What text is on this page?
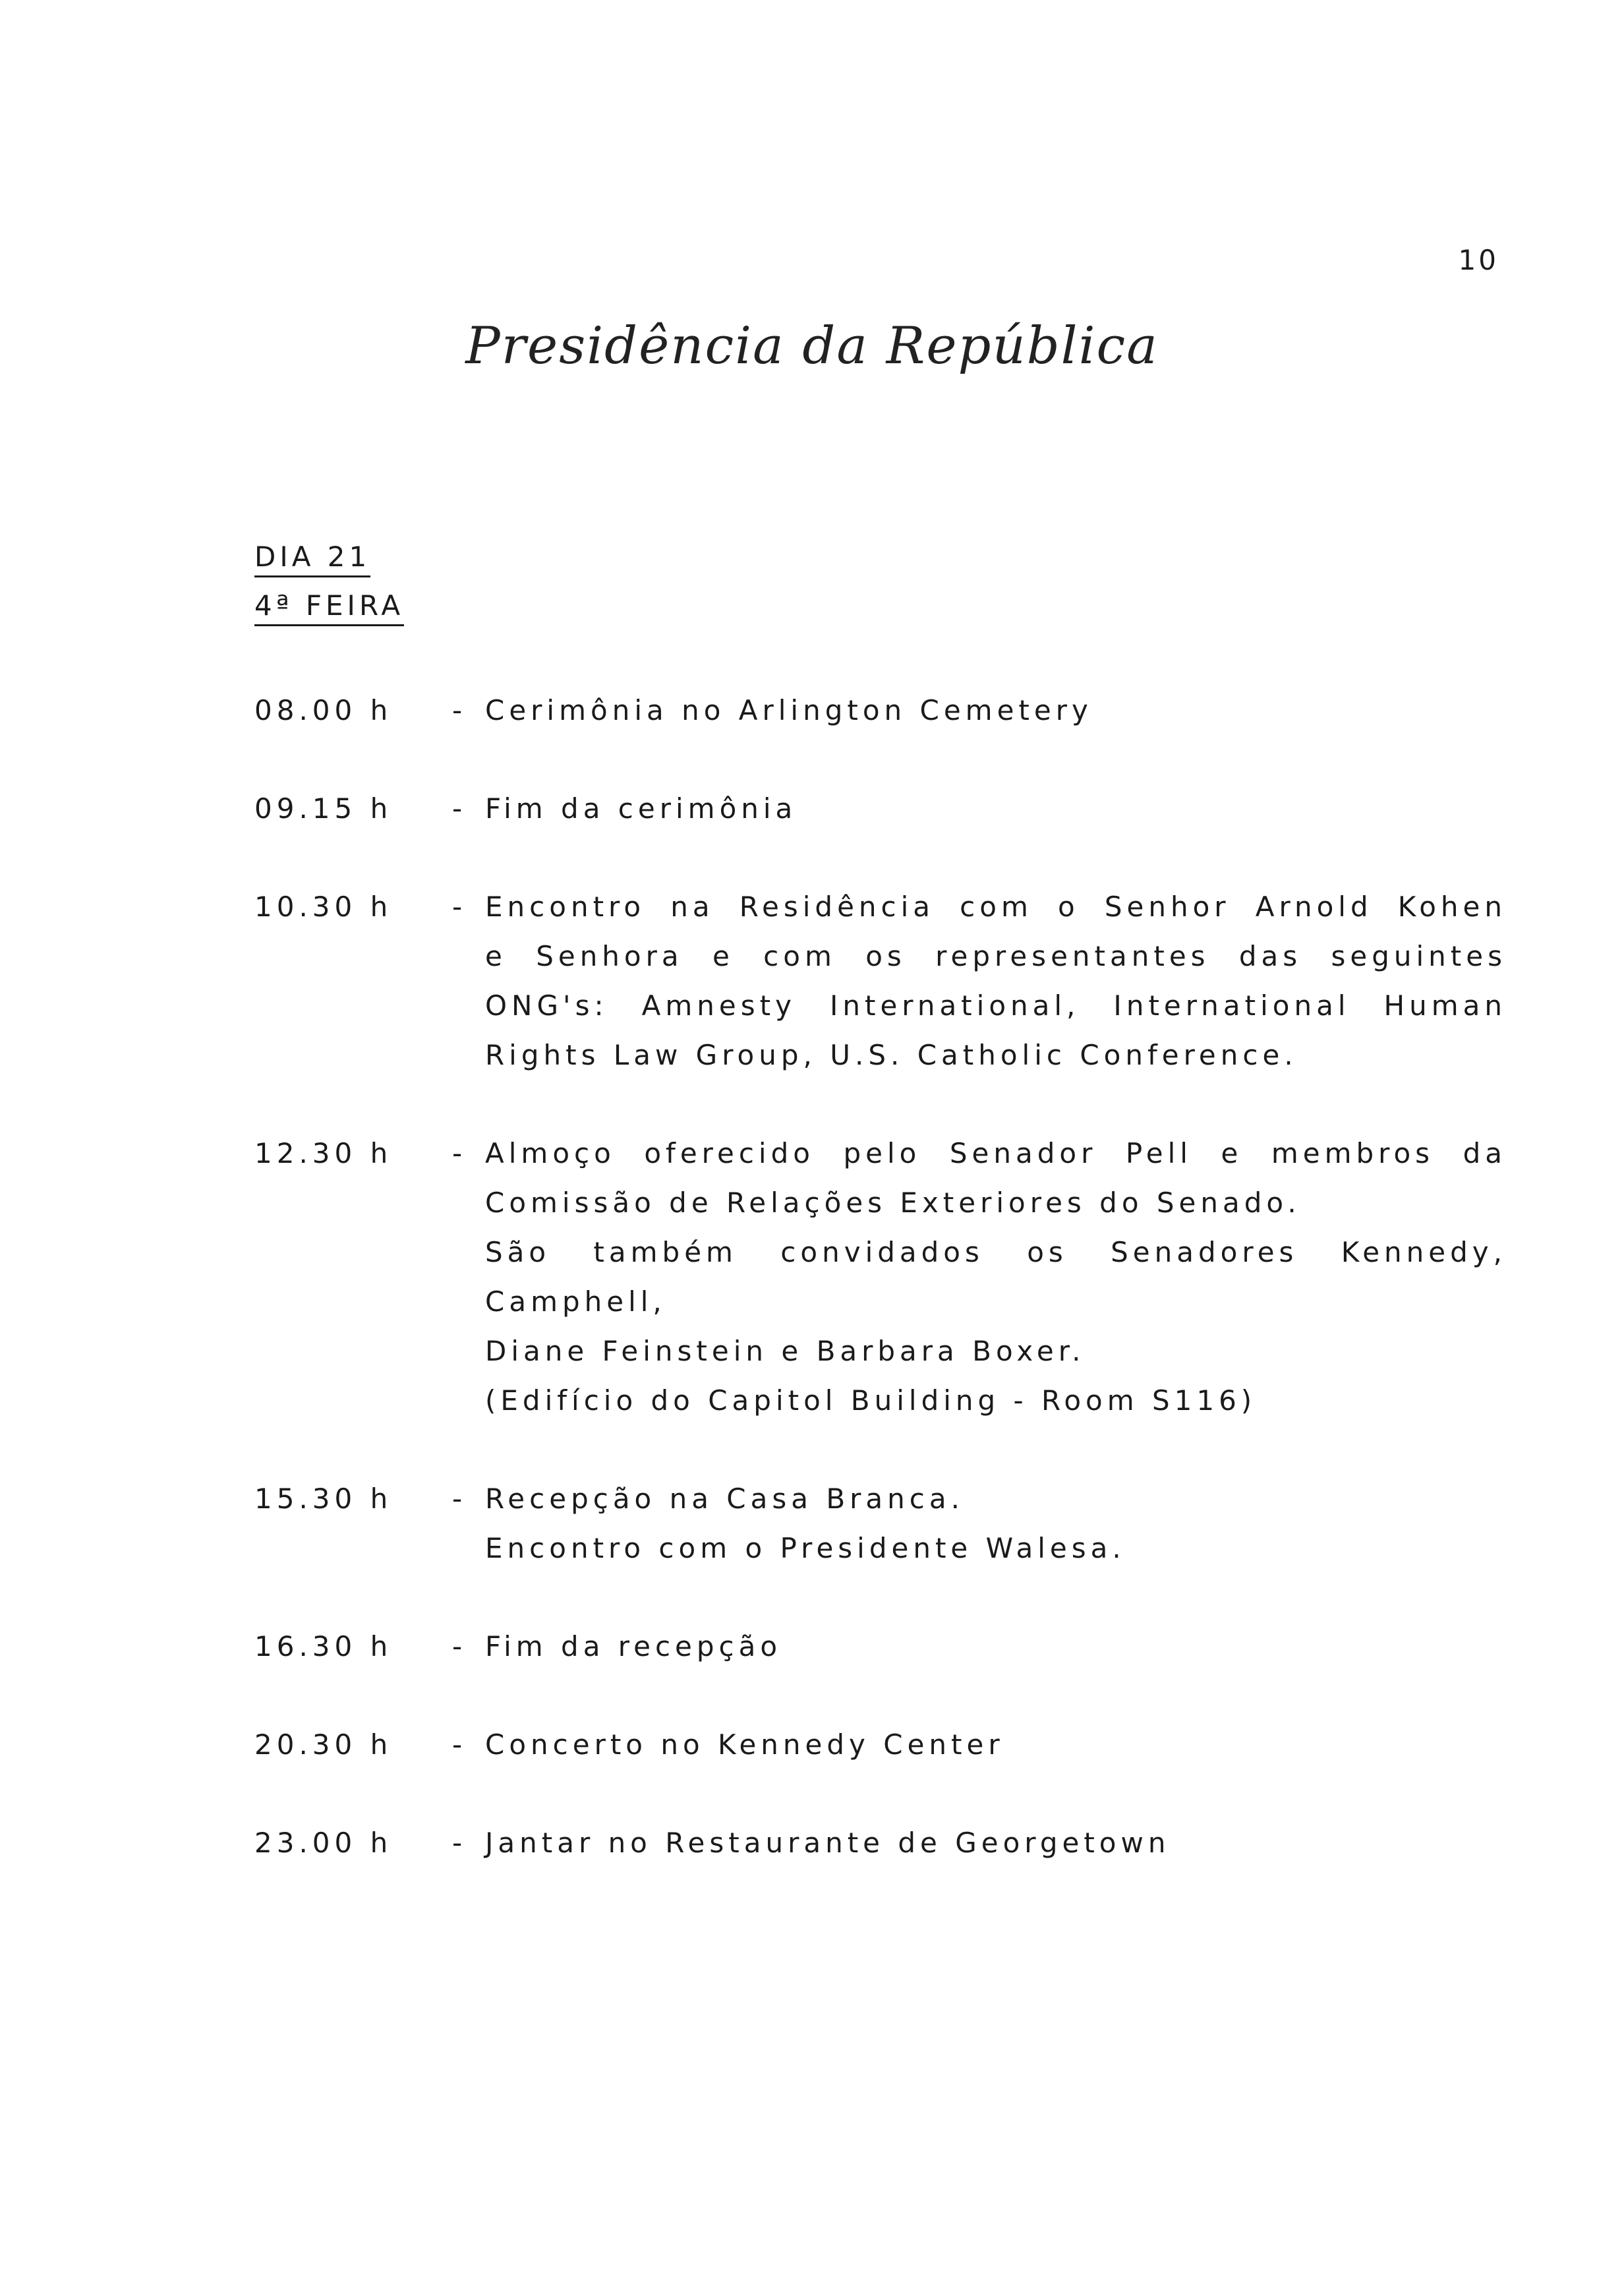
10
Presidência da República
DIA 21
4ª FEIRA
08.00 h	- Cerimônia no Arlington Cemetery
09.15 h	- Fim da cerimônia
10.30 h	- Encontro na Residência com o Senhor Arnold Kohen
e Senhora e com os representantes das seguintes
ONG's: Amnesty International, International Human
Rights Law Group, U.S. Catholic Conference.
12.30 h	- Almoço oferecido pelo Senador Pell e membros da
Comissão de Relações Exteriores do Senado.
São também convidados os Senadores Kennedy, Camphell,
Diane Feinstein e Barbara Boxer.
(Edifício do Capitol Building - Room S116)
15.30 h	- Recepção na Casa Branca.
Encontro com o Presidente Walesa.
16.30 h	- Fim da recepção
20.30 h	- Concerto no Kennedy Center
23.00 h	- Jantar no Restaurante de Georgetown
